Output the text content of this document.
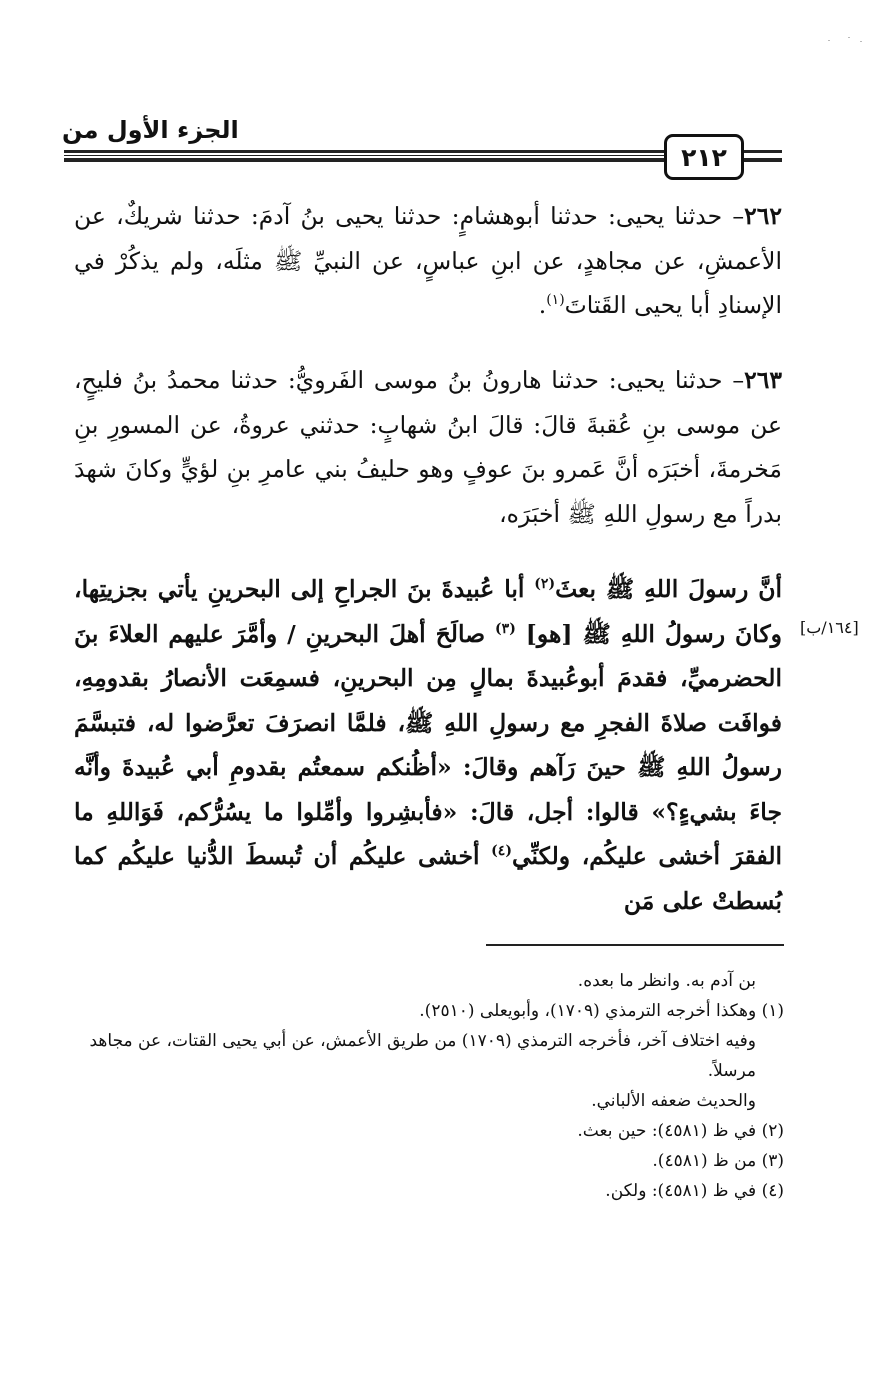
الجزء الأول من
٢١٢

٢٦٢– حدثنا يحيى: حدثنا أبوهشامٍ: حدثنا يحيى بنُ آدمَ: حدثنا شريكٌ، عن الأعمشِ، عن مجاهدٍ، عن ابنِ عباسٍ، عن النبيِّ ﷺ مثلَه، ولم يذكُرْ في الإسنادِ أبا يحيى القَتاتَ$^{(١)}$.

٢٦٣– حدثنا يحيى: حدثنا هارونُ بنُ موسى الفَرويُّ: حدثنا محمدُ بنُ فليحٍ، عن موسى بنِ عُقبةَ قالَ: قالَ ابنُ شهابٍ: حدثني عروةُ، عن المسورِ بنِ مَخرمةَ، أخبَرَه أنَّ عَمرو بنَ عوفٍ وهو حليفُ بني عامرِ بنِ لؤيٍّ وكانَ شهدَ بدراً مع رسولِ اللهِ ﷺ أخبَرَه،

أنَّ رسولَ اللهِ ﷺ بعثَ$^{(٢)}$ أبا عُبيدةَ بنَ الجراحِ إلى البحرينِ يأتي بجزيتِها، وكانَ رسولُ اللهِ ﷺ [هو] $^{(٣)}$ صالَحَ أهلَ البحرينِ / وأمَّرَ عليهم العلاءَ بنَ الحضرميِّ، فقدمَ أبوعُبيدةَ بمالٍ مِن البحرينِ، فسمِعَت الأنصارُ بقدومِهِ، فوافَت صلاةَ الفجرِ مع رسولِ اللهِ ﷺ، فلمَّا انصرَفَ تعرَّضوا له، فتبسَّمَ رسولُ اللهِ ﷺ حينَ رَآهم وقالَ: «أظُنكم سمعتُم بقدومِ أبي عُبيدةَ وأنَّه جاءَ بشيءٍ؟» قالوا: أجل، قالَ: «فأبشِروا وأمِّلوا ما يسُرُّكم، فَوَاللهِ ما الفقرَ أخشى عليكُم، ولكنِّي$^{(٤)}$ أخشى عليكُم أن تُبسطَ الدُّنيا عليكُم كما بُسطتْ على مَن

[١٦٤/ب]
بن آدم به. وانظر ما بعده.
(١) وهكذا أخرجه الترمذي (١٧٠٩)، وأبويعلى (٢٥١٠).
وفيه اختلاف آخر، فأخرجه الترمذي (١٧٠٩) من طريق الأعمش، عن أبي يحيى القتات، عن مجاهد مرسلاً.
والحديث ضعفه الألباني.
(٢) في ظ (٤٥٨١): حين بعث.
(٣) من ظ (٤٥٨١).
(٤) في ظ (٤٥٨١): ولكن.
